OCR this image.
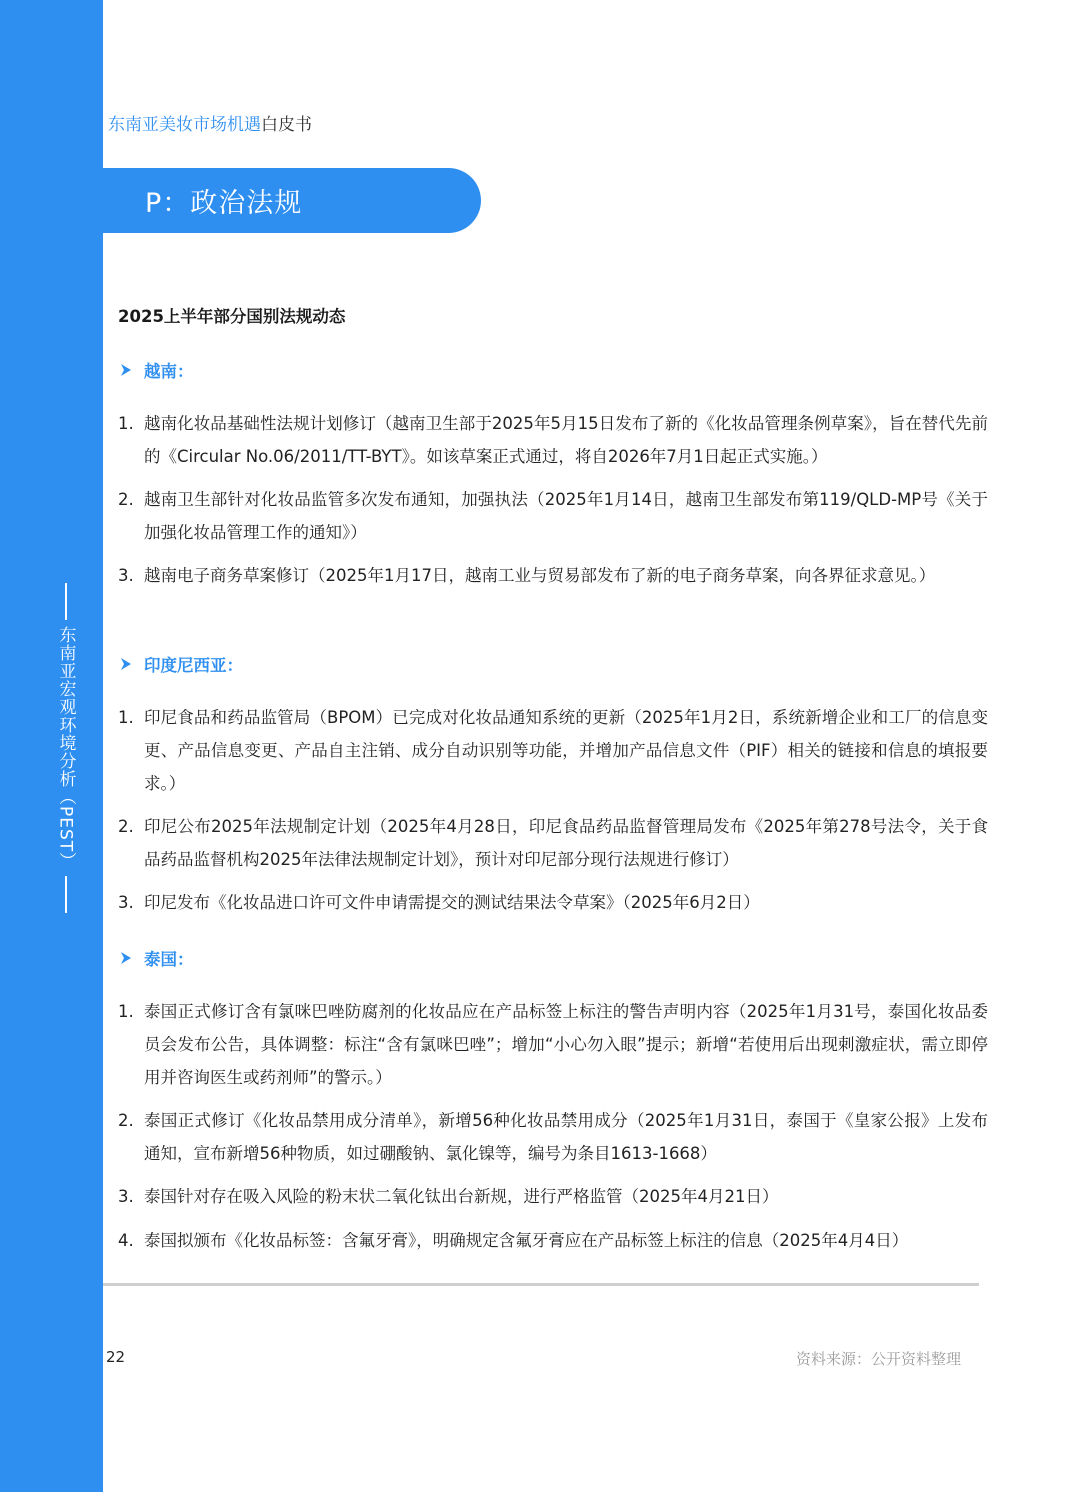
东南亚宏观环境分析（PEST）
东南亚美妆市场机遇白皮书
P：政治法规
2025上半年部分国别法规动态
越南：
1. 越南化妆品基础性法规计划修订（越南卫生部于2025年5月15日发布了新的《化妆品管理条例草案》，旨在替代先前的《Circular No.06/2011/TT-BYT》。如该草案正式通过，将自2026年7月1日起正式实施。）
2. 越南卫生部针对化妆品监管多次发布通知，加强执法（2025年1月14日，越南卫生部发布第119/QLD-MP号《关于加强化妆品管理工作的通知》）
3. 越南电子商务草案修订（2025年1月17日，越南工业与贸易部发布了新的电子商务草案，向各界征求意见。）
印度尼西亚：
1. 印尼食品和药品监管局（BPOM）已完成对化妆品通知系统的更新（2025年1月2日，系统新增企业和工厂的信息变更、产品信息变更、产品自主注销、成分自动识别等功能，并增加产品信息文件（PIF）相关的链接和信息的填报要求。）
2. 印尼公布2025年法规制定计划（2025年4月28日，印尼食品药品监督管理局发布《2025年第278号法令，关于食品药品监督机构2025年法律法规制定计划》，预计对印尼部分现行法规进行修订）
3. 印尼发布《化妆品进口许可文件申请需提交的测试结果法令草案》（2025年6月2日）
泰国：
1. 泰国正式修订含有氯咪巴唑防腐剂的化妆品应在产品标签上标注的警告声明内容（2025年1月31号，泰国化妆品委员会发布公告，具体调整：标注“含有氯咪巴唑”；增加“小心勿入眼”提示；新增“若使用后出现刺激症状，需立即停用并咨询医生或药剂师”的警示。）
2. 泰国正式修订《化妆品禁用成分清单》，新增56种化妆品禁用成分（2025年1月31日，泰国于《皇家公报》上发布通知，宣布新增56种物质，如过硼酸钠、氯化镍等，编号为条目1613-1668）
3. 泰国针对存在吸入风险的粉末状二氧化钛出台新规，进行严格监管（2025年4月21日）
4. 泰国拟颁布《化妆品标签：含氟牙膏》，明确规定含氟牙膏应在产品标签上标注的信息（2025年4月4日）
22	资料来源：公开资料整理
